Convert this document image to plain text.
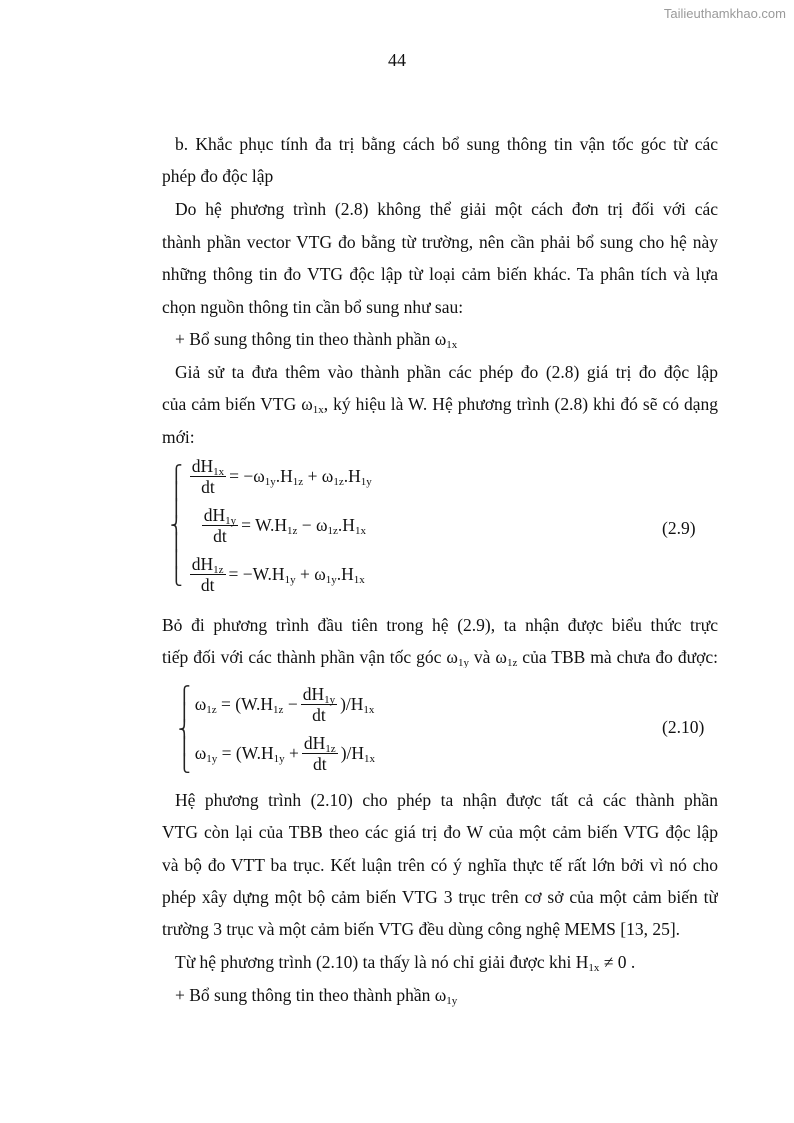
Tailieuthamkhao.com
44
b. Khắc phục tính đa trị bằng cách bổ sung thông tin vận tốc góc từ các
phép đo độc lập
Do hệ phương trình (2.8) không thể giải một cách đơn trị đối với các
thành phần vector VTG đo bằng từ trường, nên cần phải bổ sung cho hệ này
những thông tin đo VTG độc lập từ loại cảm biến khác. Ta phân tích và lựa
chọn nguồn thông tin cần bổ sung như sau:
+ Bổ sung thông tin theo thành phần $\omega_{1x}$
Giả sử ta đưa thêm vào thành phần các phép đo (2.8) giá trị đo độc lập
của cảm biến VTG $\omega_{1x}$, ký hiệu là W. Hệ phương trình (2.8) khi đó sẽ có dạng
mới:
⎧
⎪
⎪
⎨
⎪
⎪
⎩
$\frac{dH_{1x}}{dt} = -\omega_{1y}.H_{1z} + \omega_{1z}.H_{1y}$
$\frac{dH_{1y}}{dt} = W.H_{1z} - \omega_{1z}.H_{1x}$
$\frac{dH_{1z}}{dt} = -W.H_{1y} + \omega_{1y}.H_{1x}$
(2.9)
Bỏ đi phương trình đầu tiên trong hệ (2.9), ta nhận được biểu thức trực
tiếp đối với các thành phần vận tốc góc $\omega_{1y}$ và $\omega_{1z}$ của TBB mà chưa đo được:
⎧
⎪
⎨
⎪
⎩
$\omega_{1z} = (W.H_{1z} - \frac{dH_{1y}}{dt} )/H_{1x}$
$\omega_{1y} = (W.H_{1y} + \frac{dH_{1z}}{dt} )/H_{1x}$
(2.10)
Hệ phương trình (2.10) cho phép ta nhận được tất cả các thành phần
VTG còn lại của TBB theo các giá trị đo W của một cảm biến VTG độc lập
và bộ đo VTT ba trục. Kết luận trên có ý nghĩa thực tế rất lớn bởi vì nó cho
phép xây dựng một bộ cảm biến VTG 3 trục trên cơ sở của một cảm biến từ
trường 3 trục và một cảm biến VTG đều dùng công nghệ MEMS [13, 25].
Từ hệ phương trình (2.10) ta thấy là nó chỉ giải được khi $H_{1x} \ne 0$ .
+ Bổ sung thông tin theo thành phần $\omega_{1y}$
